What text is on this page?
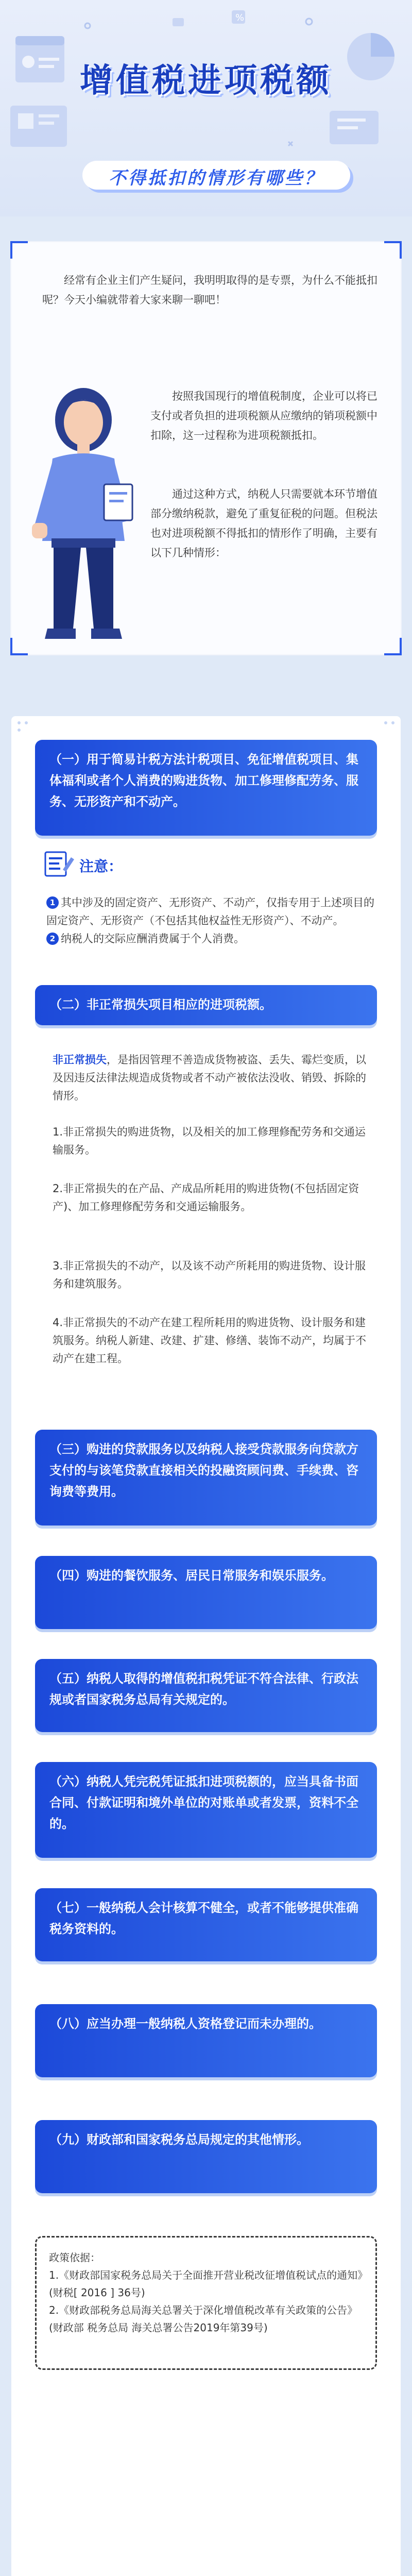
%
增值税进项税额
不得抵扣的情形有哪些？

经常有企业主们产生疑问，我明明取得的是专票，为什么不能抵扣呢？今天小编就带着大家来聊一聊吧！

按照我国现行的增值税制度，企业可以将已支付或者负担的进项税额从应缴纳的销项税额中扣除，这一过程称为进项税额抵扣。

通过这种方式，纳税人只需要就本环节增值部分缴纳税款，避免了重复征税的问题。但税法也对进项税额不得抵扣的情形作了明确，主要有以下几种情形：

（一）用于简易计税方法计税项目、免征增值税项目、集体福利或者个人消费的购进货物、加工修理修配劳务、服务、无形资产和不动产。
注意：
1 其中涉及的固定资产、无形资产、不动产，仅指专用于上述项目的固定资产、无形资产（不包括其他权益性无形资产）、不动产。
2 纳税人的交际应酬消费属于个人消费。
（二）非正常损失项目相应的进项税额。

非正常损失，是指因管理不善造成货物被盗、丢失、霉烂变质，以及因违反法律法规造成货物或者不动产被依法没收、销毁、拆除的情形。

1.非正常损失的购进货物，以及相关的加工修理修配劳务和交通运输服务。

2.非正常损失的在产品、产成品所耗用的购进货物(不包括固定资产)、加工修理修配劳务和交通运输服务。

3.非正常损失的不动产，以及该不动产所耗用的购进货物、设计服务和建筑服务。

4.非正常损失的不动产在建工程所耗用的购进货物、设计服务和建筑服务。纳税人新建、改建、扩建、修缮、装饰不动产，均属于不动产在建工程。

（三）购进的贷款服务以及纳税人接受贷款服务向贷款方支付的与该笔贷款直接相关的投融资顾问费、手续费、咨询费等费用。
（四）购进的餐饮服务、居民日常服务和娱乐服务。
（五）纳税人取得的增值税扣税凭证不符合法律、行政法规或者国家税务总局有关规定的。
（六）纳税人凭完税凭证抵扣进项税额的，应当具备书面合同、付款证明和境外单位的对账单或者发票，资料不全的。
（七）一般纳税人会计核算不健全，或者不能够提供准确税务资料的。
（八）应当办理一般纳税人资格登记而未办理的。
（九）财政部和国家税务总局规定的其他情形。
政策依据：
1.《财政部国家税务总局关于全面推开营业税改征增值税试点的通知》(财税[ 2016 ] 36号)
2.《财政部税务总局海关总署关于深化增值税改革有关政策的公告》(财政部 税务总局 海关总署公告2019年第39号)
